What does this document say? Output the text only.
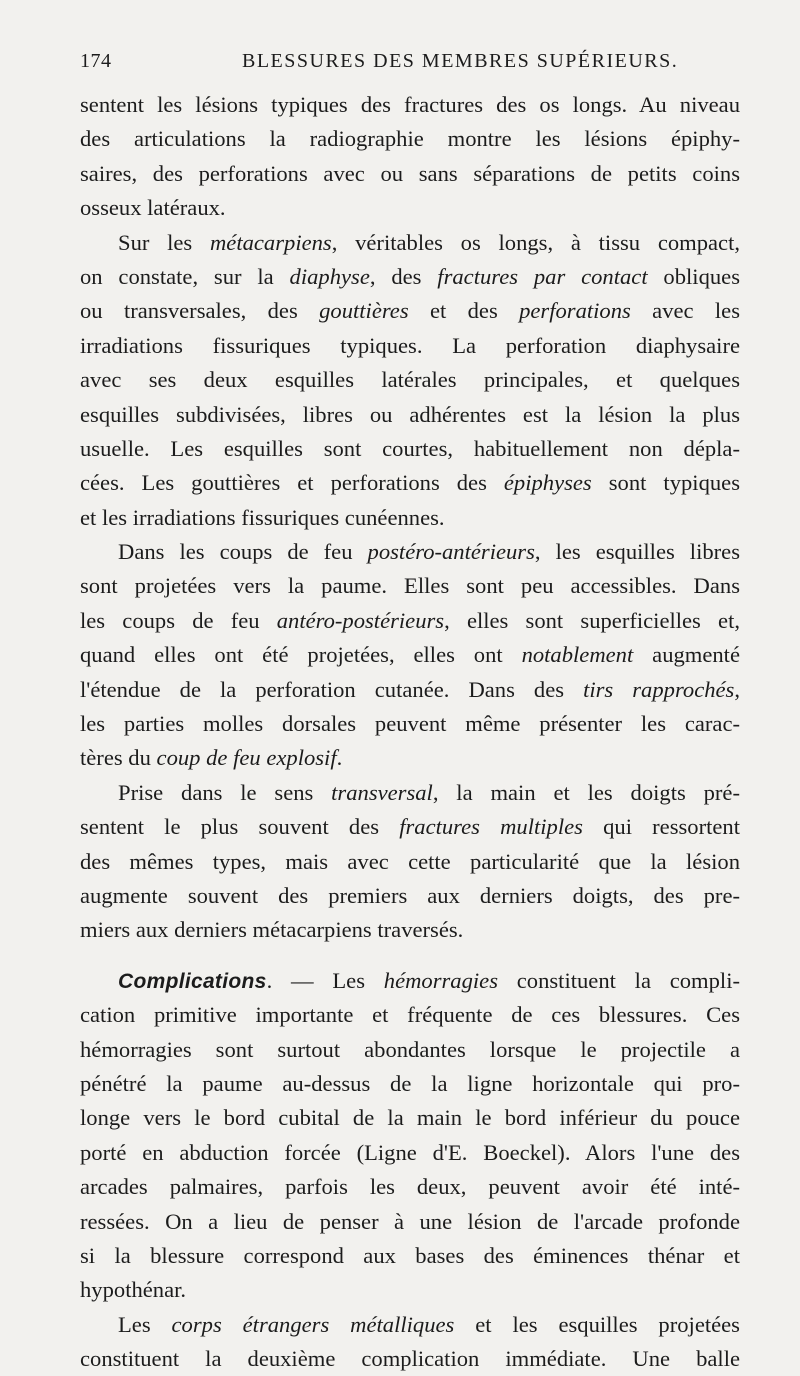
174	BLESSURES DES MEMBRES SUPÉRIEURS.
sentent les lésions typiques des fractures des os longs. Au niveau
des articulations la radiographie montre les lésions épiphy-
saires, des perforations avec ou sans séparations de petits coins
osseux latéraux.
Sur les métacarpiens, véritables os longs, à tissu compact,
on constate, sur la diaphyse, des fractures par contact obliques
ou transversales, des gouttières et des perforations avec les
irradiations fissuriques typiques. La perforation diaphysaire
avec ses deux esquilles latérales principales, et quelques
esquilles subdivisées, libres ou adhérentes est la lésion la plus
usuelle. Les esquilles sont courtes, habituellement non dépla-
cées. Les gouttières et perforations des épiphyses sont typiques
et les irradiations fissuriques cunéennes.
Dans les coups de feu postéro-antérieurs, les esquilles libres
sont projetées vers la paume. Elles sont peu accessibles. Dans
les coups de feu antéro-postérieurs, elles sont superficielles et,
quand elles ont été projetées, elles ont notablement augmenté
l'étendue de la perforation cutanée. Dans des tirs rapprochés,
les parties molles dorsales peuvent même présenter les carac-
tères du coup de feu explosif.
Prise dans le sens transversal, la main et les doigts pré-
sentent le plus souvent des fractures multiples qui ressortent
des mêmes types, mais avec cette particularité que la lésion
augmente souvent des premiers aux derniers doigts, des pre-
miers aux derniers métacarpiens traversés.
Complications. — Les hémorragies constituent la compli-
cation primitive importante et fréquente de ces blessures. Ces
hémorragies sont surtout abondantes lorsque le projectile a
pénétré la paume au-dessus de la ligne horizontale qui pro-
longe vers le bord cubital de la main le bord inférieur du pouce
porté en abduction forcée (Ligne d'E. Boeckel). Alors l'une des
arcades palmaires, parfois les deux, peuvent avoir été inté-
ressées. On a lieu de penser à une lésion de l'arcade profonde
si la blessure correspond aux bases des éminences thénar et
hypothénar.
Les corps étrangers métalliques et les esquilles projetées
constituent la deuxième complication immédiate. Une balle
